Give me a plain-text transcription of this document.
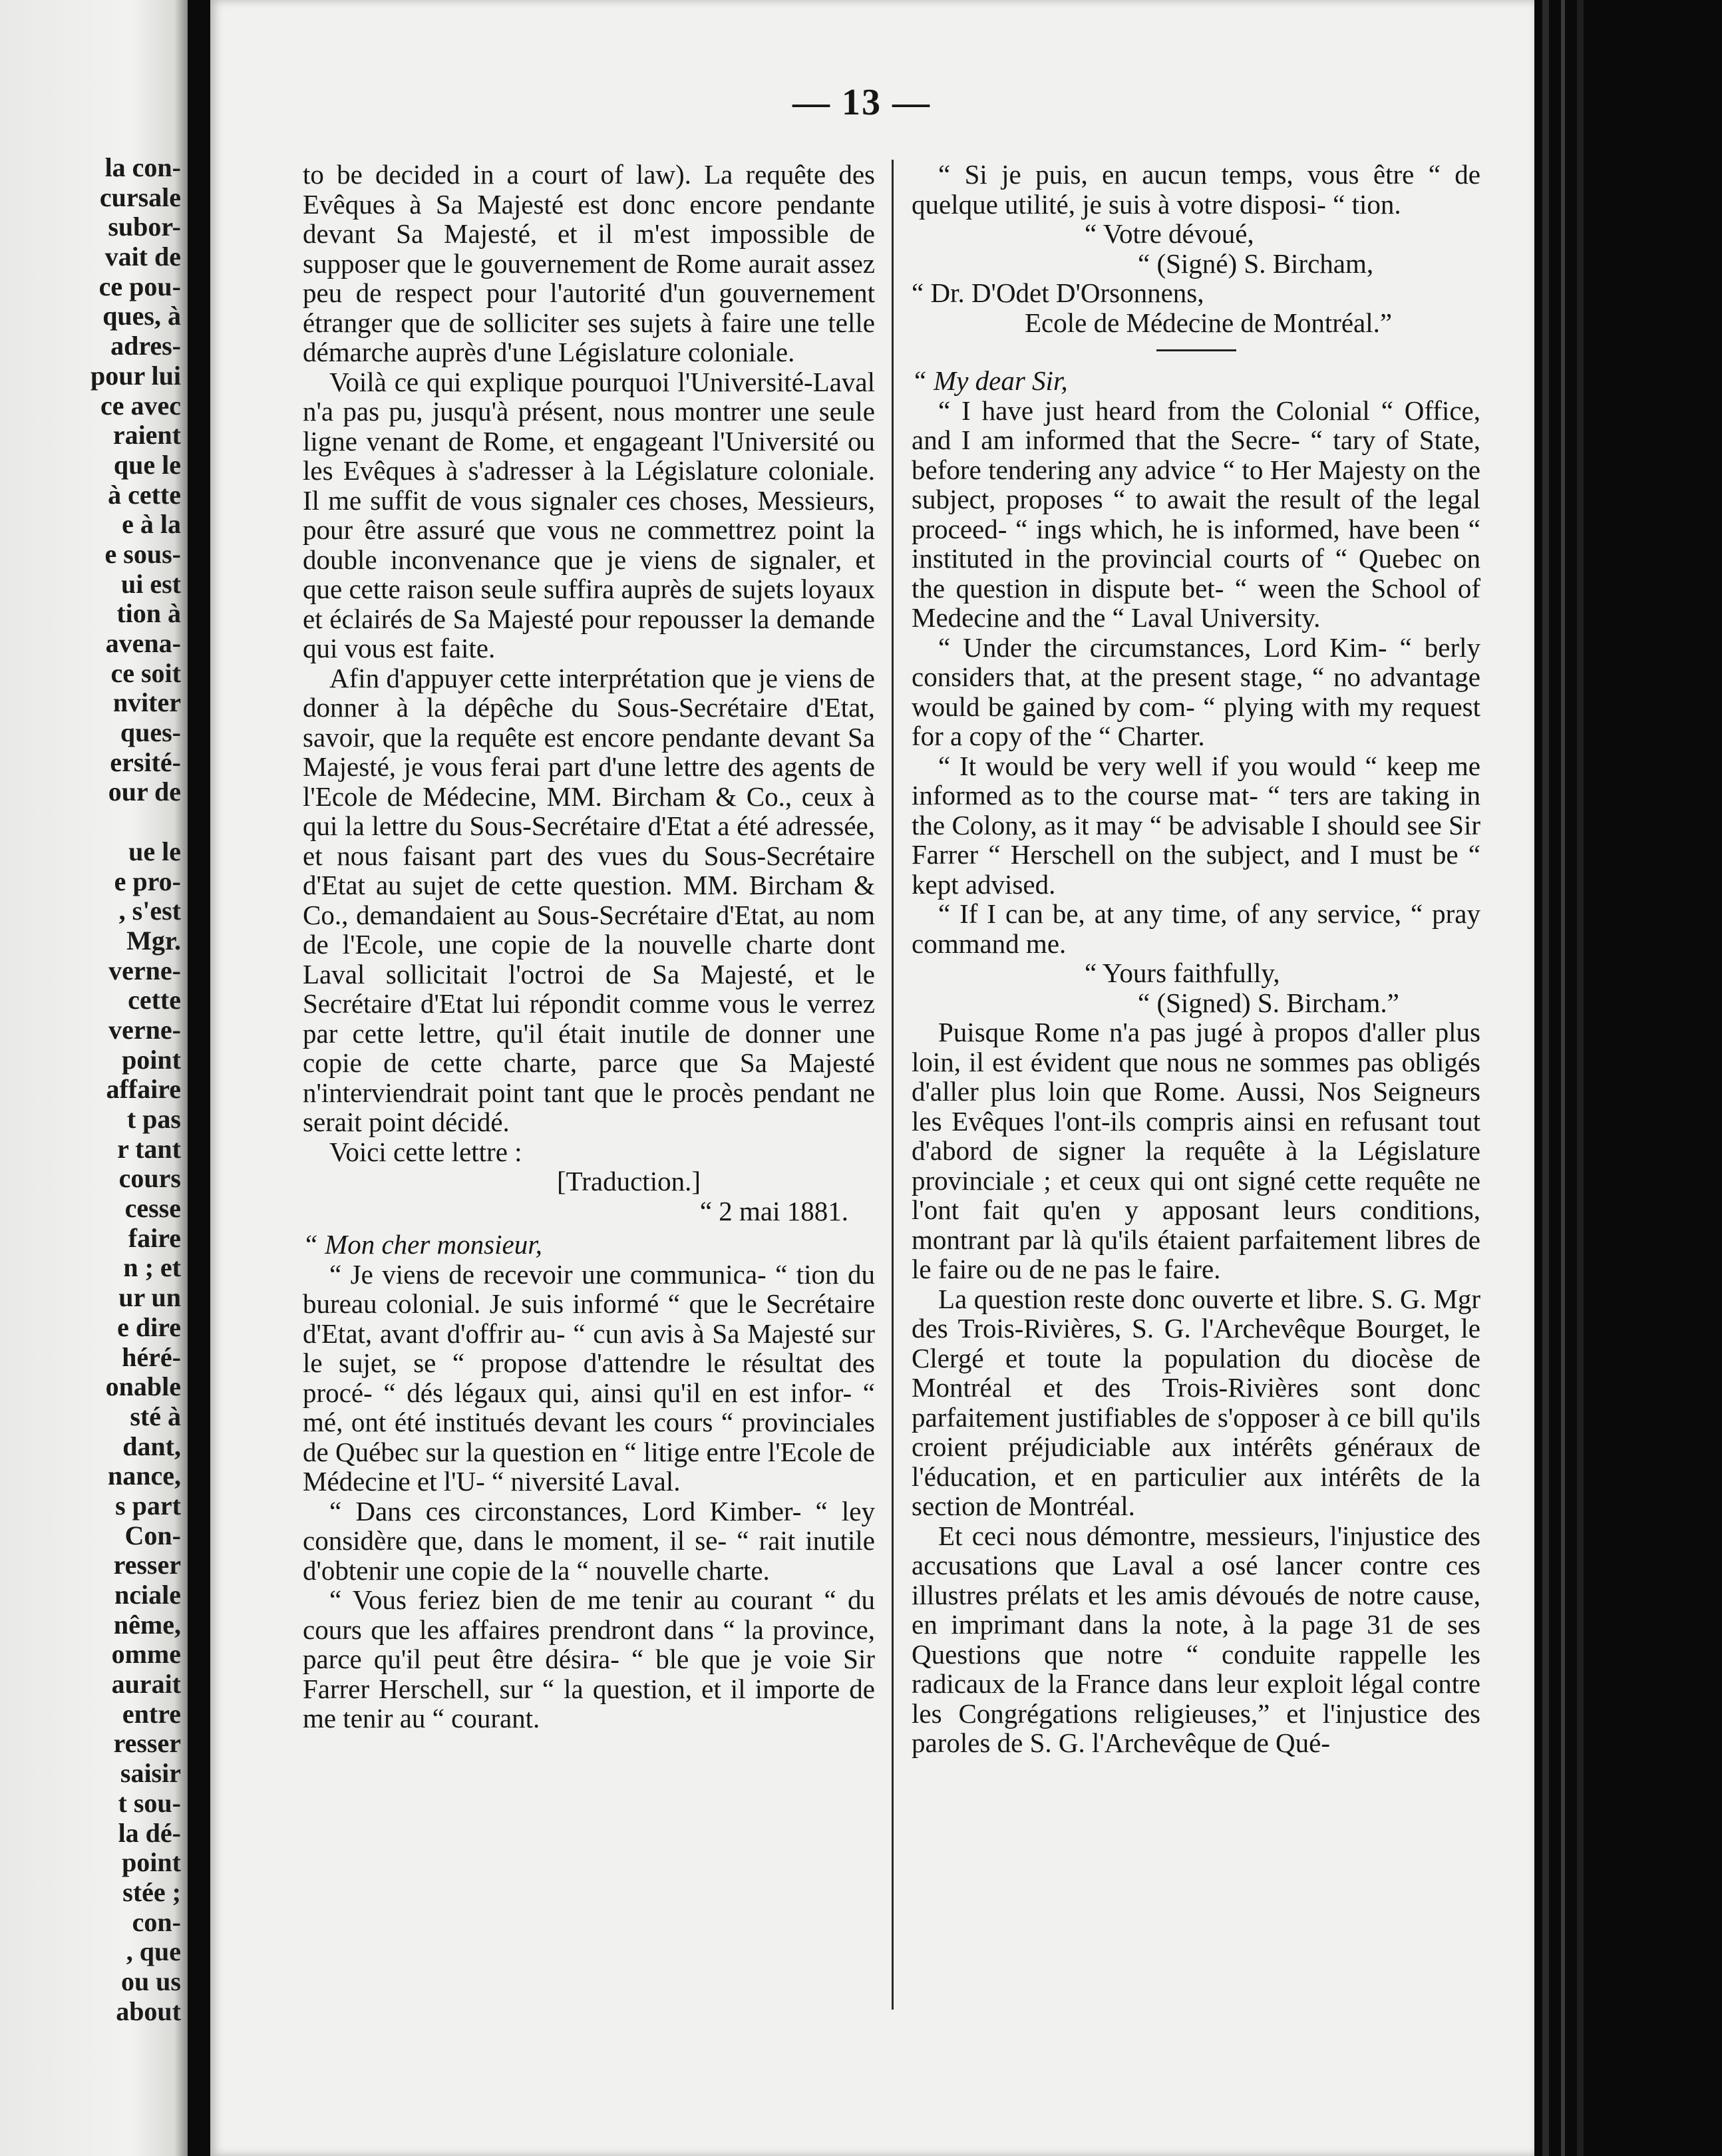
la con-
cursale
subor-
vait de
ce pou-
ques, à
adres-
pour lui
ce avec
raient
que le
à cette
e à la
e sous-
ui est
tion à
avena-
ce soit
nviter
ques-
ersité-
our de
ue le
e pro-
, s'est
Mgr.
verne-
cette
verne-
point
affaire
t pas
r tant
cours
cesse
faire
n ; et
ur un
e dire
héré-
onable
sté à
dant,
nance,
s part
Con-
resser
nciale
nême,
omme
aurait
entre
resser
saisir
t sou-
la dé-
point
stée ;
con-
, que
ou us
about
— 13 —

to be decided in a court of law). La requête des Evêques à Sa Majesté est donc encore pendante devant Sa Majesté, et il m'est impossible de supposer que le gouvernement de Rome aurait assez peu de respect pour l'autorité d'un gouvernement étranger que de solliciter ses sujets à faire une telle démarche auprès d'une Législature coloniale.

Voilà ce qui explique pourquoi l'Université-Laval n'a pas pu, jusqu'à présent, nous montrer une seule ligne venant de Rome, et engageant l'Université ou les Evêques à s'adresser à la Législature coloniale. Il me suffit de vous signaler ces choses, Messieurs, pour être assuré que vous ne commettrez point la double inconvenance que je viens de signaler, et que cette raison seule suffira auprès de sujets loyaux et éclairés de Sa Majesté pour repousser la demande qui vous est faite.

Afin d'appuyer cette interprétation que je viens de donner à la dépêche du Sous-Secrétaire d'Etat, savoir, que la requête est encore pendante devant Sa Majesté, je vous ferai part d'une lettre des agents de l'Ecole de Médecine, MM. Bircham & Co., ceux à qui la lettre du Sous-Secrétaire d'Etat a été adressée, et nous faisant part des vues du Sous-Secrétaire d'Etat au sujet de cette question. MM. Bircham & Co., demandaient au Sous-Secrétaire d'Etat, au nom de l'Ecole, une copie de la nouvelle charte dont Laval sollicitait l'octroi de Sa Majesté, et le Secrétaire d'Etat lui répondit comme vous le verrez par cette lettre, qu'il était inutile de donner une copie de cette charte, parce que Sa Majesté n'interviendrait point tant que le procès pendant ne serait point décidé.

Voici cette lettre :

[Traduction.]

“ 2 mai 1881.

“ Mon cher monsieur,

“ Je viens de recevoir une communica- “ tion du bureau colonial. Je suis informé “ que le Secrétaire d'Etat, avant d'offrir au- “ cun avis à Sa Majesté sur le sujet, se “ propose d'attendre le résultat des procé- “ dés légaux qui, ainsi qu'il en est infor- “ mé, ont été institués devant les cours “ provinciales de Québec sur la question en “ litige entre l'Ecole de Médecine et l'U- “ niversité Laval.

“ Dans ces circonstances, Lord Kimber- “ ley considère que, dans le moment, il se- “ rait inutile d'obtenir une copie de la “ nouvelle charte.

“ Vous feriez bien de me tenir au courant “ du cours que les affaires prendront dans “ la province, parce qu'il peut être désira- “ ble que je voie Sir Farrer Herschell, sur “ la question, et il importe de me tenir au “ courant.

“ Si je puis, en aucun temps, vous être “ de quelque utilité, je suis à votre disposi- “ tion.

“ Votre dévoué,

“ (Signé) S. Bircham,

“ Dr. D'Odet D'Orsonnens,

Ecole de Médecine de Montréal.”

“ My dear Sir,

“ I have just heard from the Colonial “ Office, and I am informed that the Secre- “ tary of State, before tendering any advice “ to Her Majesty on the subject, proposes “ to await the result of the legal proceed- “ ings which, he is informed, have been “ instituted in the provincial courts of “ Quebec on the question in dispute bet- “ ween the School of Medecine and the “ Laval University.

“ Under the circumstances, Lord Kim- “ berly considers that, at the present stage, “ no advantage would be gained by com- “ plying with my request for a copy of the “ Charter.

“ It would be very well if you would “ keep me informed as to the course mat- “ ters are taking in the Colony, as it may “ be advisable I should see Sir Farrer “ Herschell on the subject, and I must be “ kept advised.

“ If I can be, at any time, of any service, “ pray command me.

“ Yours faithfully,

“ (Signed) S. Bircham.”

Puisque Rome n'a pas jugé à propos d'aller plus loin, il est évident que nous ne sommes pas obligés d'aller plus loin que Rome. Aussi, Nos Seigneurs les Evêques l'ont-ils compris ainsi en refusant tout d'abord de signer la requête à la Législature provinciale ; et ceux qui ont signé cette requête ne l'ont fait qu'en y apposant leurs conditions, montrant par là qu'ils étaient parfaitement libres de le faire ou de ne pas le faire.

La question reste donc ouverte et libre. S. G. Mgr des Trois-Rivières, S. G. l'Archevêque Bourget, le Clergé et toute la population du diocèse de Montréal et des Trois-Rivières sont donc parfaitement justifiables de s'opposer à ce bill qu'ils croient préjudiciable aux intérêts généraux de l'éducation, et en particulier aux intérêts de la section de Montréal.

Et ceci nous démontre, messieurs, l'injustice des accusations que Laval a osé lancer contre ces illustres prélats et les amis dévoués de notre cause, en imprimant dans la note, à la page 31 de ses Questions que notre “ conduite rappelle les radicaux de la France dans leur exploit légal contre les Congrégations religieuses,” et l'injustice des paroles de S. G. l'Archevêque de Qué-
